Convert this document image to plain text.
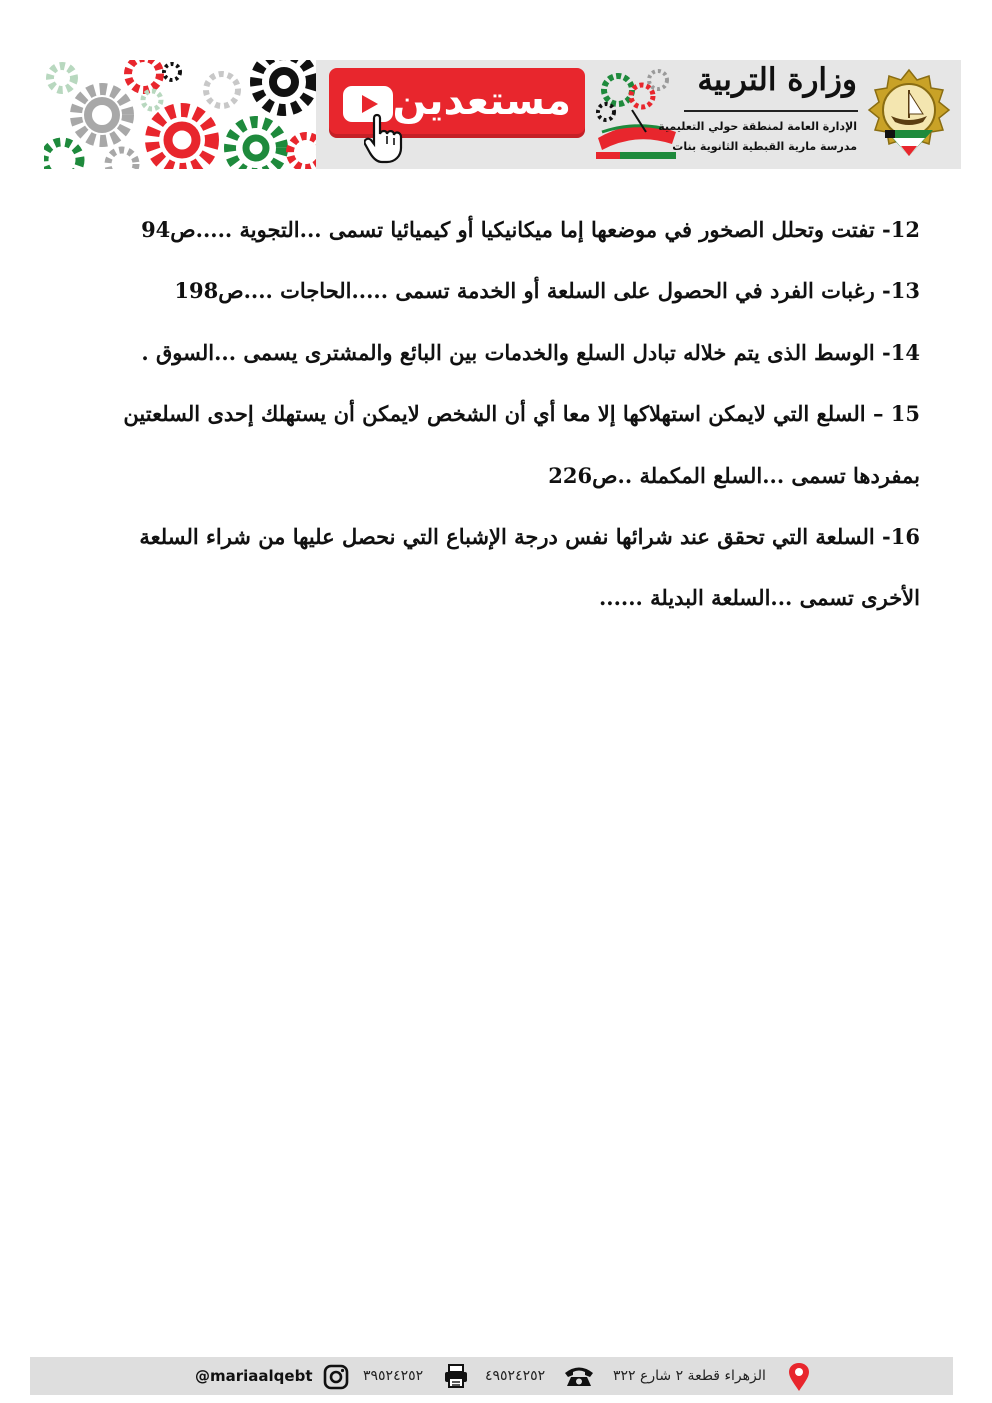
مستعدين	وزارة التربية
الإدارة العامة لمنطقة حولي التعليمية
مدرسة مارية القبطية الثانوية بنات
12- تفتت وتحلل الصخور في موضعها إما ميكانيكيا أو كيميائيا تسمى ...التجوية .....ص94
13- رغبات الفرد في الحصول على السلعة أو الخدمة تسمى .....الحاجات ....ص198
14- الوسط الذى يتم خلاله تبادل السلع والخدمات بين البائع والمشترى يسمى ...السوق .
15 – السلع التي لايمكن استهلاكها إلا معا أي أن الشخص لايمكن أن يستهلك إحدى السلعتين
بمفردها تسمى ...السلع المكملة ..ص226
16- السلعة التي تحقق عند شرائها نفس درجة الإشباع التي نحصل عليها من شراء السلعة
الأخرى تسمى ...السلعة البديلة ......
@mariaalqebt	٣٩٥٢٤٢٥٢	٤٩٥٢٤٢٥٢	الزهراء قطعة ٢ شارع ٣٢٢
